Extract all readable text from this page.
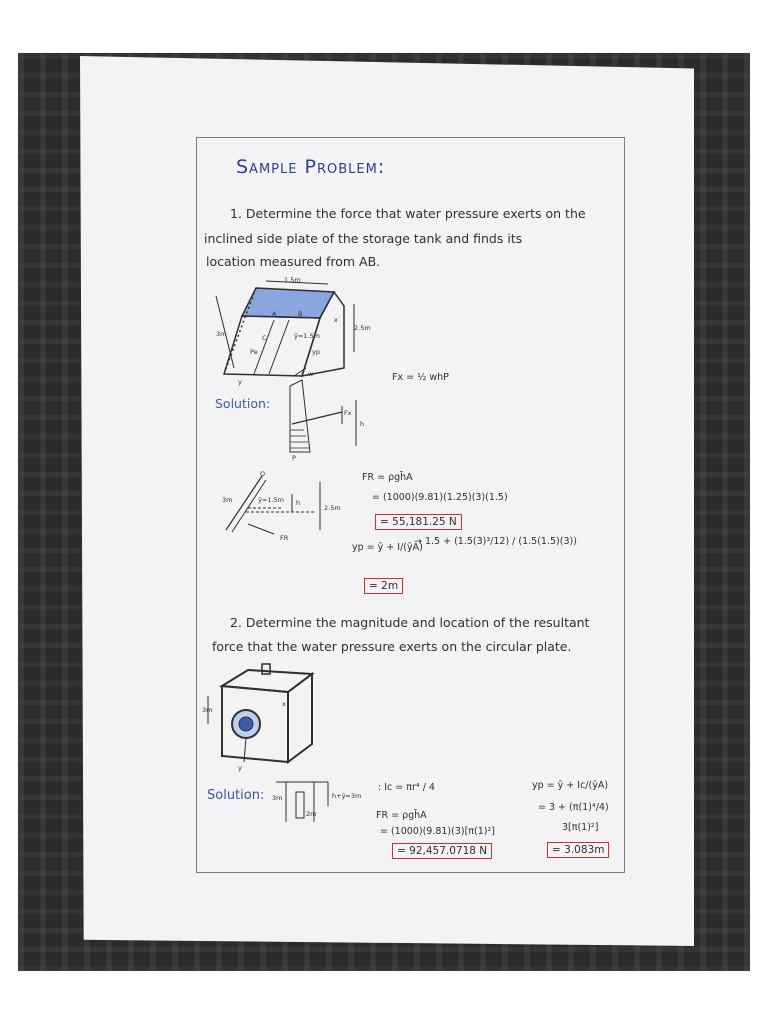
Sample Problem:
1. Determine the force that water pressure exerts on the
inclined side plate of the storage tank and finds its
location measured from AB.
1.5m
3m
2.5m
ȳ=1.5m
x
y
yp
Pe
C
A	B
Fx = ½ whP
Solution:
Fx
h
P
w
3m	ȳ=1.5m h
2.5m
FR
O	FR = ρgh̄A
= (1000)(9.81)(1.25)(3)(1.5)
= 55,181.25 N
yp = ȳ + I/(ȳA)
→ 1.5 + (1.5(3)³/12) / (1.5(1.5)(3))
= 2m
2. Determine the magnitude and location of the resultant
force that the water pressure exerts on the circular plate.
3m
x
y
Solution: 3m
2m
h+ȳ=3m
: Ic = πr⁴ / 4
FR = ρgh̄A
= (1000)(9.81)(3)[π(1)²]
= 92,457.0718 N
yp = ȳ + Ic/(ȳA)
= 3 + (π(1)⁴/4)
3[π(1)²]
= 3.083m
